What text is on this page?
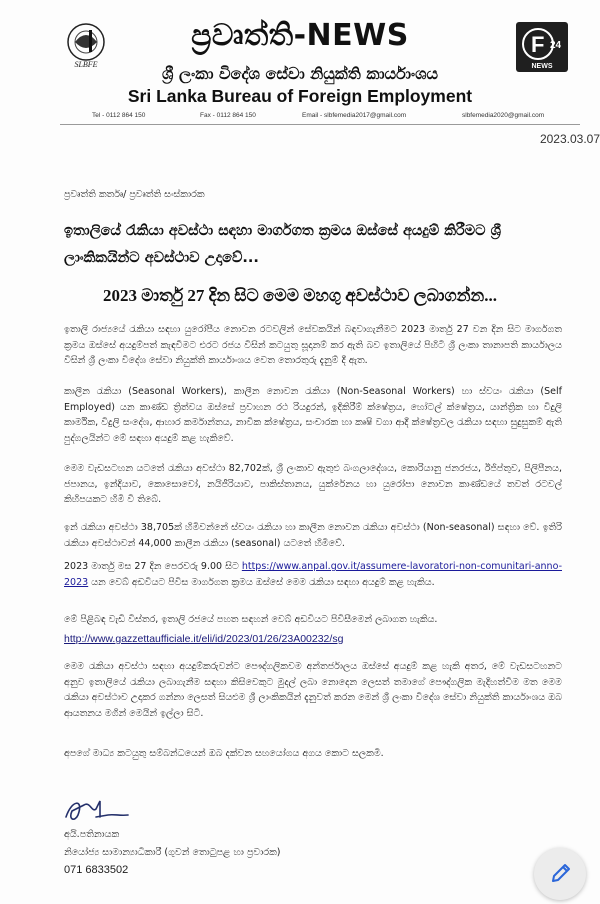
SLBFE
ප්‍රවෘත්ති-NEWS
ශ්‍රී ලංකා විදේශ සේවා නියුක්ති කාර්යාංශය
Sri Lanka Bureau of Foreign Employment
F 24
NEWS
Tel - 0112 864 150	Fax - 0112 864 150	Email - slbfemedia2017@gmail.com	slbfemedia2020@gmail.com
2023.03.07
ප්‍රවෘත්ති කර්තෘ/ ප්‍රවෘත්ති සංස්කාරක
ඉතාලියේ රැකියා අවස්ථා සඳහා මාර්ගගත ක්‍රමය ඔස්සේ අයදුම් කිරීමට ශ්‍රී ලාංකිකයින්ට අවස්ථාව උදාවේ...
2023 මාර්තු 27 දින සිට මෙම මහගු අවස්ථාව ලබාගන්න...
ඉතාලි රාජ්‍යයේ රැකියා සඳහා යුරෝපීය නොවන රටවලින් සේවකයින් බඳවාගැනීමට 2023 මාර්තු 27 වන දින සිට මාර්ගගත ක්‍රමය ඔස්සේ අයදුම්පත් කැඳවීමට එරට රජය විසින් කටයුතු සූදානම් කර ඇති බව ඉතාලියේ පිහිටි ශ්‍රී ලංකා තානාපති කාර්යාලය විසින් ශ්‍රී ලංකා විදේශ සේවා නියුක්ති කාර්යාංශය වෙත තොරතුරු දැනුම් දී ඇත.
කාලීන රැකියා (Seasonal Workers), කාලීන නොවන රැකියා (Non-Seasonal Workers) හා ස්වයං රැකියා (Self Employed) යන කාණ්ඩ ත්‍රිත්වය ඔස්සේ ප්‍රවාහන රථ රියදුරන්, ඉදිකිරීම් ක්ෂේත්‍රය, හෝටල් ක්ෂේත්‍රය, යාන්ත්‍රික හා විදුලි කාර්මික, විදුලි සංදේශ, ආහාර කර්මාන්තය, නාවික ක්ෂේත්‍රය, සංචාරක හා කෘෂි වගා ආදී ක්ෂේත්‍රවල රැකියා සඳහා සුදුසුකම් ඇති පුද්ගලයින්ට මේ සඳහා අයදුම් කළ හැකිවේ.
මෙම වැඩසටහන යටතේ රැකියා අවස්ථා 82,702ක්, ශ්‍රී ලංකාව ඇතුළු බංගලාදේශය, කොරියානු ජනරජය, ඊජිප්තුව, පිලිපීනය, ජපානය, ඉන්දියාව, කොසොවෝ, නයිජීරියාව, පාකිස්තානය, යුක්රේනය හා යුරෝපා නොවන කාණ්ඩයේ තවත් රටවල් කිහිපයකට හිමි වී තිබේ.
ඉන් රැකියා අවස්ථා 38,705ක් හිමිවන්නේ ස්වයං රැකියා හා කාලීන නොවන රැකියා අවස්ථා (Non-seasonal) සඳහා වේ. ඉතිරි රැකියා අවස්ථාවන් 44,000 කාලීන රැකියා (seasonal) යටතේ හිමිවේ.
2023 මාර්තු මස 27 දින පෙරවරු 9.00 සිට https://www.anpal.gov.it/assumere-lavoratori-non-comunitari-anno-2023 යන වෙබ් අඩවියට පිවිස මාර්ගගත ක්‍රමය ඔස්සේ මෙම රැකියා සඳහා අයදුම් කළ හැකිය.
මේ පිළිබඳ වැඩි විස්තර, ඉතාලි රජයේ පහත සඳහන් වෙබ් අඩවියට පිවිසීමෙන් ලබාගත හැකිය.
http://www.gazzettaufficiale.it/eli/id/2023/01/26/23A00232/sg
මෙම රැකියා අවස්ථා සඳහා අයදුම්කරුවන්ට පෞද්ගලිකවම අන්තර්ජාලය ඔස්සේ අයදුම් කළ හැකි අතර, මේ වැඩසටහනට අනුව ඉතාලියේ රැකියා ලබාගැනීම සඳහා කිසිවෙකුට මුදල් ලබා නොදෙන ලෙසත් තමාගේ පෞද්ගලික මැදිහත්වීම මත මෙම රැකියා අවස්ථාව උදාකර ගන්නා ලෙසත් සියළුම ශ්‍රී ලාංකිකයින් දැනුවත් කරන මෙන් ශ්‍රී ලංකා විදේශ සේවා නියුක්ති කාර්යාංශය ඔබ ආයතනය මගින් මෙයින් ඉල්ලා සිටී.
අපගේ මාධ්‍ය කටයුතු සම්බන්ධයෙන් ඔබ දක්වන සහයෝගය අගය කොට සලකමි.
අයි.පතිනායක
නියෝජ්‍ය සාමාන්‍යාධිකාරී (ගුවන් තොටුපළ හා ප්‍රවාරක)
071 6833502
